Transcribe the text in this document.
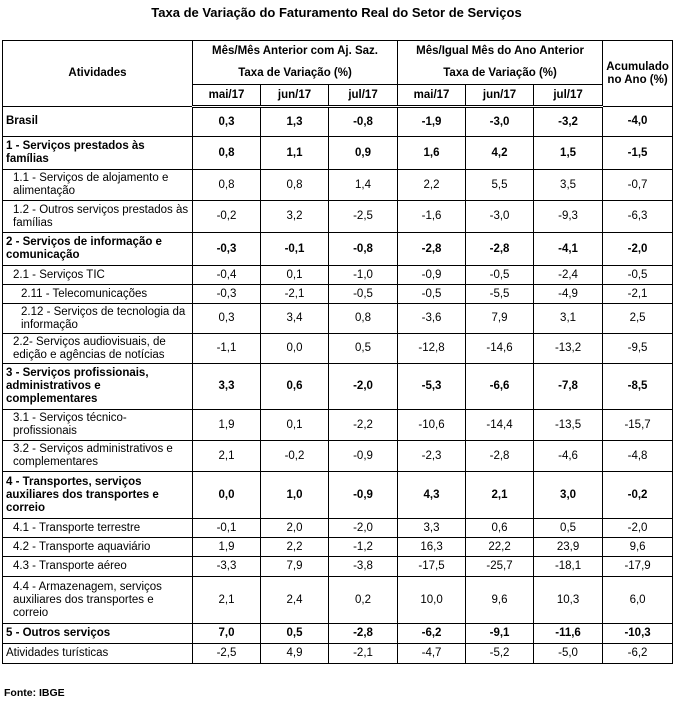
Taxa de Variação do Faturamento Real do Setor de Serviços
Atividades	Mês/Mês Anterior com Aj. Saz.			Mês/Igual Mês do Ano Anterior			Acumulado no Ano (%)
	Taxa de Variação (%)			Taxa de Variação (%)			
	mai/17	jun/17	jul/17	mai/17	jun/17	jul/17	
Brasil	0,3	1,3	-0,8	-1,9	-3,0	-3,2	-4,0
1 - Serviços prestados às famílias	0,8	1,1	0,9	1,6	4,2	1,5	-1,5
1.1 - Serviços de alojamento e alimentação	0,8	0,8	1,4	2,2	5,5	3,5	-0,7
1.2 - Outros serviços prestados às famílias	-0,2	3,2	-2,5	-1,6	-3,0	-9,3	-6,3
2 - Serviços de informação e comunicação	-0,3	-0,1	-0,8	-2,8	-2,8	-4,1	-2,0
2.1 - Serviços TIC	-0,4	0,1	-1,0	-0,9	-0,5	-2,4	-0,5
2.11 - Telecomunicações	-0,3	-2,1	-0,5	-0,5	-5,5	-4,9	-2,1
2.12 - Serviços de tecnologia da informação	0,3	3,4	0,8	-3,6	7,9	3,1	2,5
2.2- Serviços audiovisuais, de edição e agências de notícias	-1,1	0,0	0,5	-12,8	-14,6	-13,2	-9,5
3 - Serviços profissionais, administrativos e complementares	3,3	0,6	-2,0	-5,3	-6,6	-7,8	-8,5
3.1 - Serviços técnico-profissionais	1,9	0,1	-2,2	-10,6	-14,4	-13,5	-15,7
3.2 - Serviços administrativos e complementares	2,1	-0,2	-0,9	-2,3	-2,8	-4,6	-4,8
4 - Transportes, serviços auxiliares dos transportes e correio	0,0	1,0	-0,9	4,3	2,1	3,0	-0,2
4.1 - Transporte terrestre	-0,1	2,0	-2,0	3,3	0,6	0,5	-2,0
4.2 - Transporte aquaviário	1,9	2,2	-1,2	16,3	22,2	23,9	9,6
4.3 - Transporte aéreo	-3,3	7,9	-3,8	-17,5	-25,7	-18,1	-17,9
4.4 - Armazenagem, serviços auxiliares dos transportes e correio	2,1	2,4	0,2	10,0	9,6	10,3	6,0
5 - Outros serviços	7,0	0,5	-2,8	-6,2	-9,1	-11,6	-10,3
Atividades turísticas	-2,5	4,9	-2,1	-4,7	-5,2	-5,0	-6,2
Fonte: IBGE
